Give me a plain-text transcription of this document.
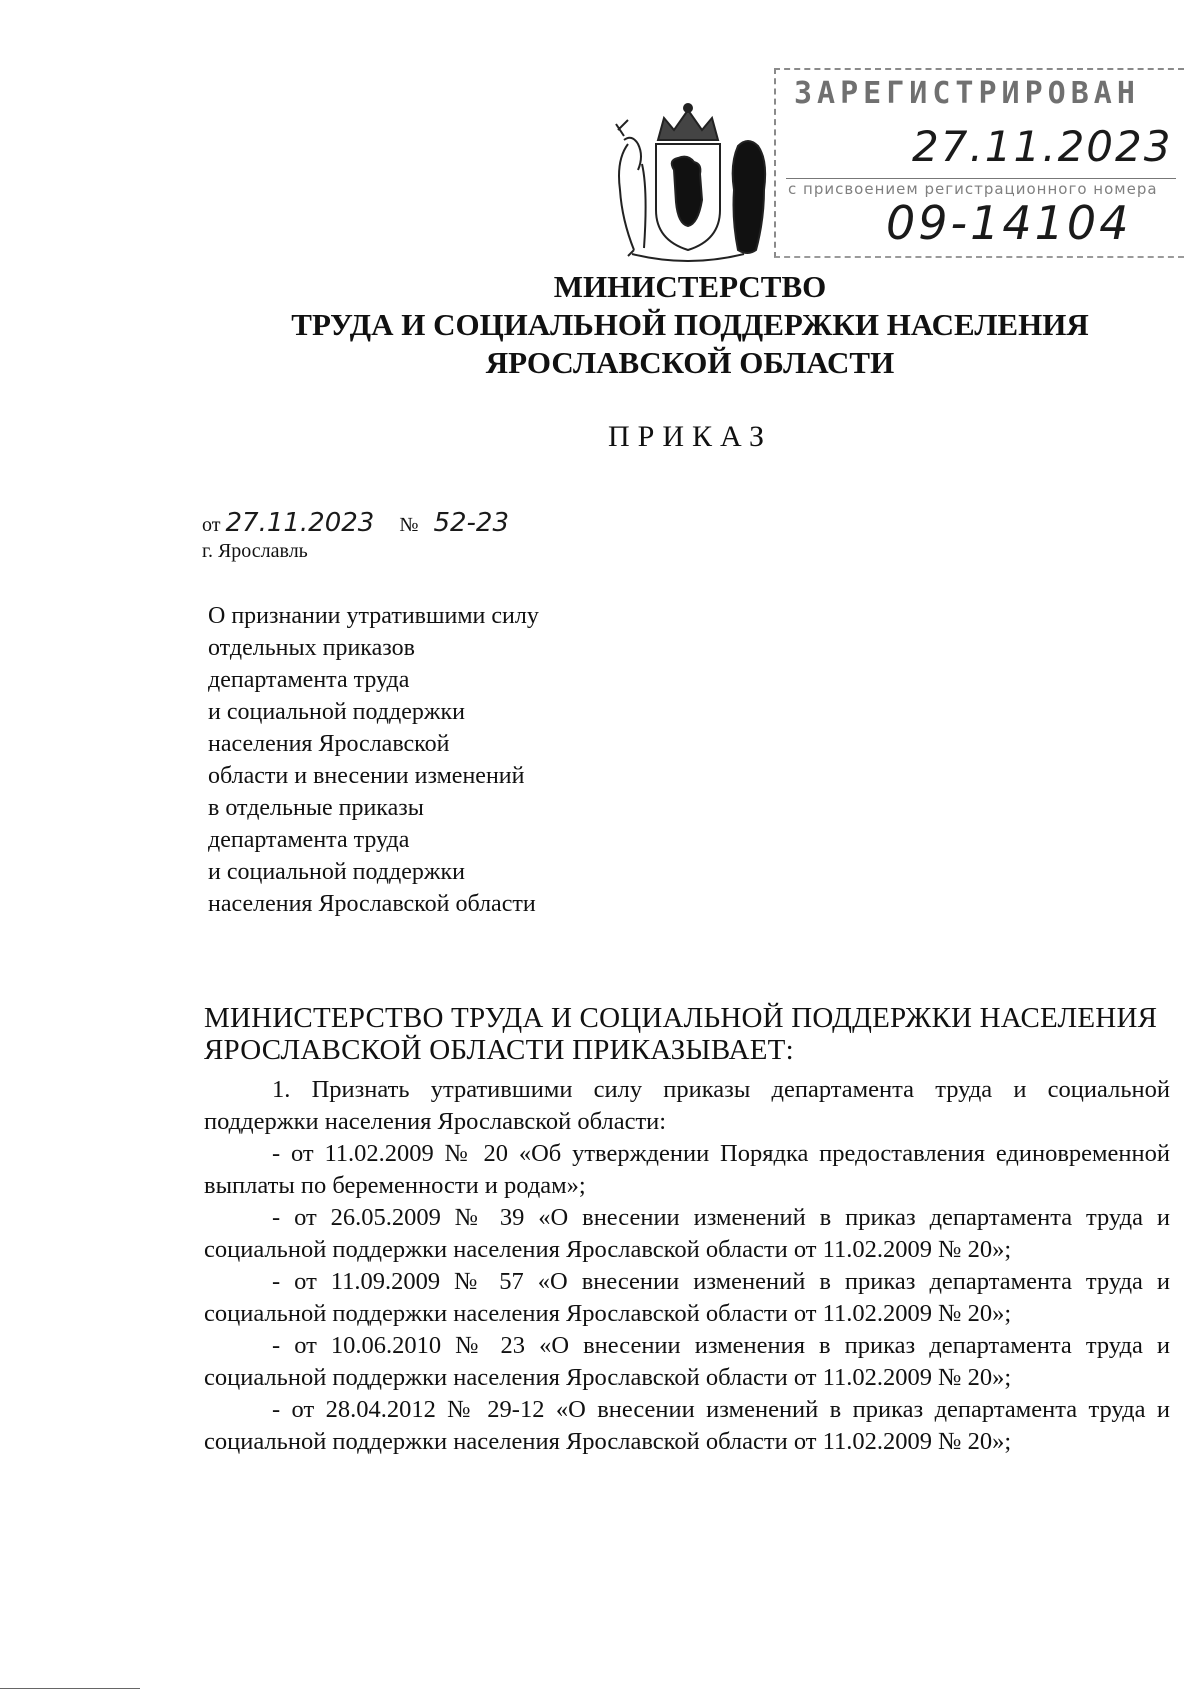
ЗАРЕГИСТРИРОВАН
27.11.2023
с присвоением регистрационного номера
09-14104
МИНИСТЕРСТВО
ТРУДА И СОЦИАЛЬНОЙ ПОДДЕРЖКИ НАСЕЛЕНИЯ
ЯРОСЛАВСКОЙ ОБЛАСТИ
ПРИКАЗ
от 27.11.2023 № 52-23
г. Ярославль
О признании утратившими силу
отдельных приказов
департамента труда
и социальной поддержки
населения Ярославской
области и внесении изменений
в отдельные приказы
департамента труда
и социальной поддержки
населения Ярославской области
МИНИСТЕРСТВО ТРУДА И СОЦИАЛЬНОЙ ПОДДЕРЖКИ НАСЕЛЕНИЯ
ЯРОСЛАВСКОЙ ОБЛАСТИ ПРИКАЗЫВАЕТ:

1. Признать утратившими силу приказы департамента труда и социальной поддержки населения Ярославской области:

- от 11.02.2009 № 20 «Об утверждении Порядка предоставления единовременной выплаты по беременности и родам»;

- от 26.05.2009 № 39 «О внесении изменений в приказ департамента труда и социальной поддержки населения Ярославской области от 11.02.2009 № 20»;

- от 11.09.2009 № 57 «О внесении изменений в приказ департамента труда и социальной поддержки населения Ярославской области от 11.02.2009 № 20»;

- от 10.06.2010 № 23 «О внесении изменения в приказ департамента труда и социальной поддержки населения Ярославской области от 11.02.2009 № 20»;

- от 28.04.2012 № 29-12 «О внесении изменений в приказ департамента труда и социальной поддержки населения Ярославской области от 11.02.2009 № 20»;
